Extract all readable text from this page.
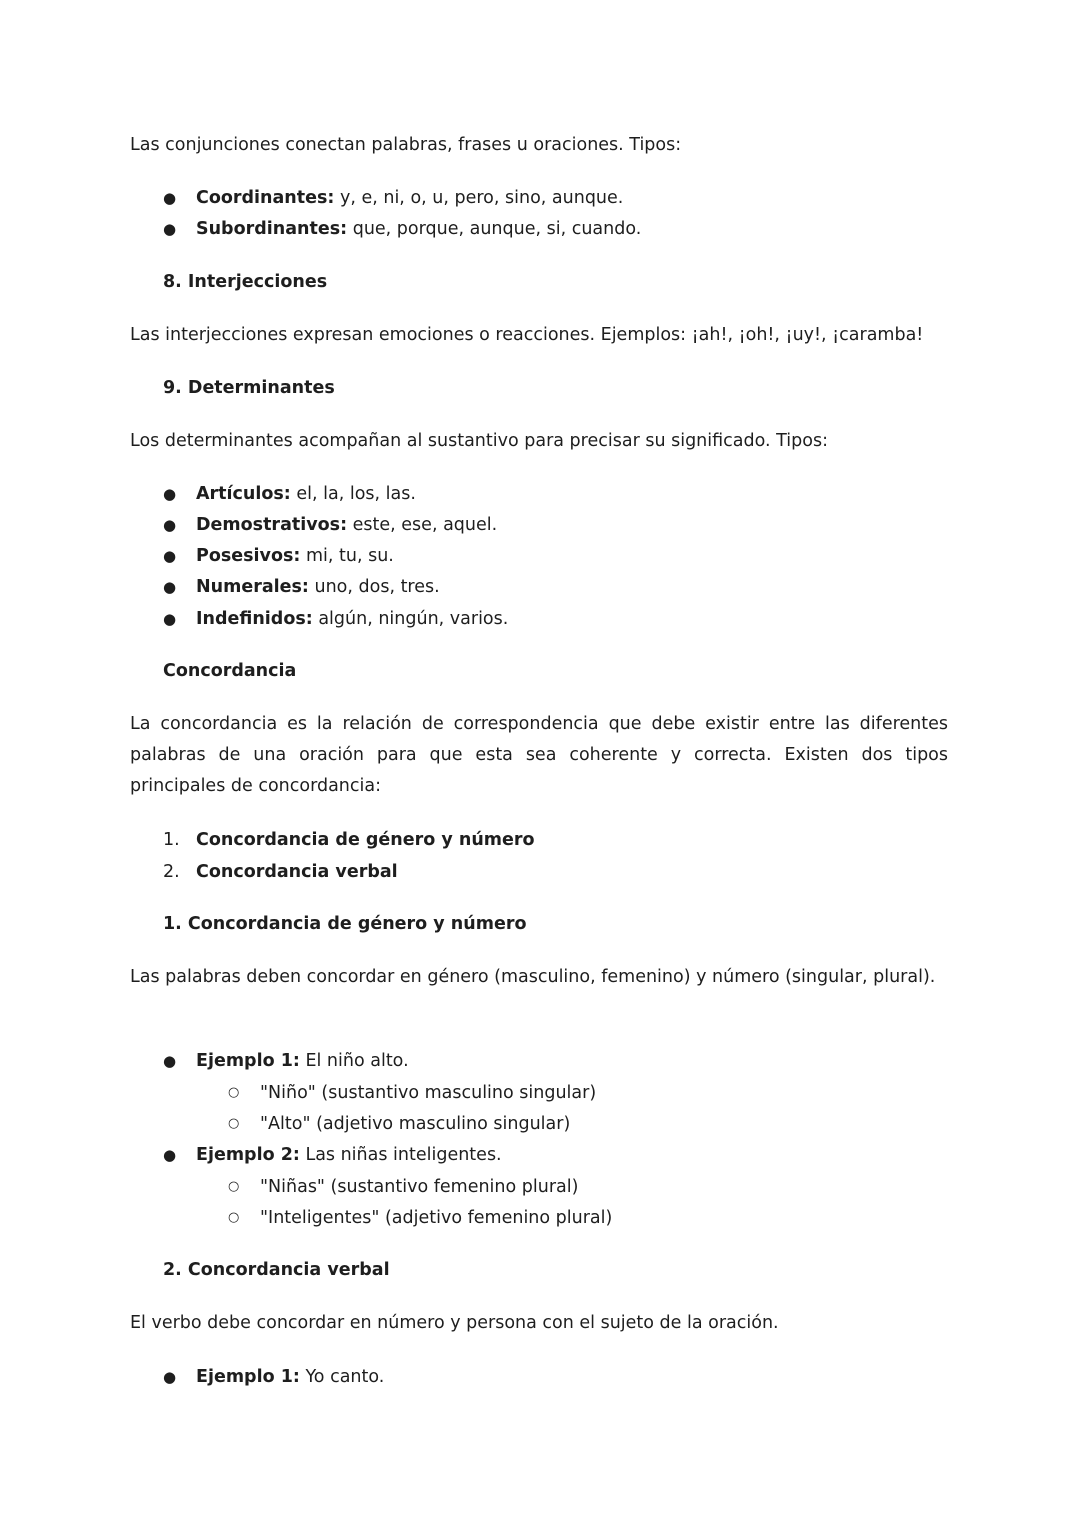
Las conjunciones conectan palabras, frases u oraciones. Tipos:
●	Coordinantes: y, e, ni, o, u, pero, sino, aunque.
●	Subordinantes: que, porque, aunque, si, cuando.
8. Interjecciones
Las interjecciones expresan emociones o reacciones. Ejemplos: ¡ah!, ¡oh!, ¡uy!, ¡caramba!
9. Determinantes
Los determinantes acompañan al sustantivo para precisar su significado. Tipos:
●	Artículos: el, la, los, las.
●	Demostrativos: este, ese, aquel.
●	Posesivos: mi, tu, su.
●	Numerales: uno, dos, tres.
●	Indefinidos: algún, ningún, varios.
Concordancia
La concordancia es la relación de correspondencia que debe existir entre las diferentes palabras de una oración para que esta sea coherente y correcta. Existen dos tipos principales de concordancia:
1. Concordancia de género y número
2. Concordancia verbal
1. Concordancia de género y número
Las palabras deben concordar en género (masculino, femenino) y número (singular, plural).
●	Ejemplo 1: El niño alto.
○ "Niño" (sustantivo masculino singular)
○ "Alto" (adjetivo masculino singular)
●	Ejemplo 2: Las niñas inteligentes.
○ "Niñas" (sustantivo femenino plural)
○ "Inteligentes" (adjetivo femenino plural)
2. Concordancia verbal
El verbo debe concordar en número y persona con el sujeto de la oración.
●	Ejemplo 1: Yo canto.
